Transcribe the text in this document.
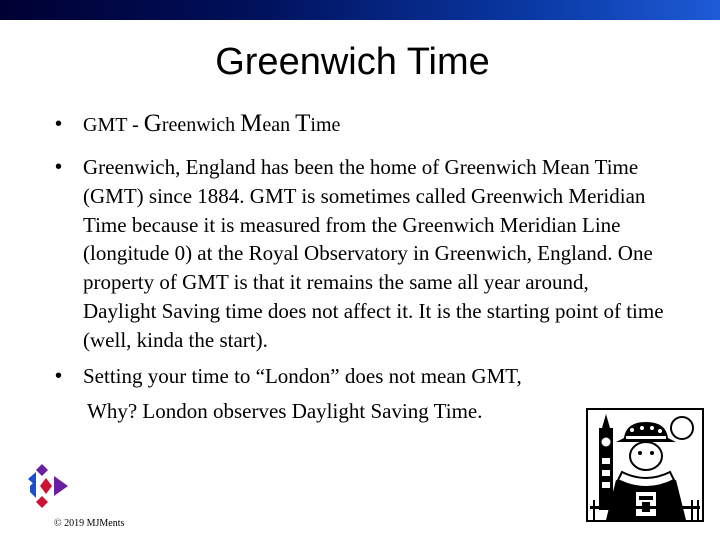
Greenwich Time
• GMT - Greenwich Mean Time
• Greenwich, England has been the home of Greenwich Mean Time (GMT) since 1884. GMT is sometimes called Greenwich Meridian Time because it is measured from the Greenwich Meridian Line (longitude 0) at the Royal Observatory in Greenwich, England. One property of GMT is that it remains the same all year around, Daylight Saving time does not affect it. It is the starting point of time (well, kinda the start).
• Setting your time to “London” does not mean GMT,
Why? London observes Daylight Saving Time.
© 2019 MJMents
